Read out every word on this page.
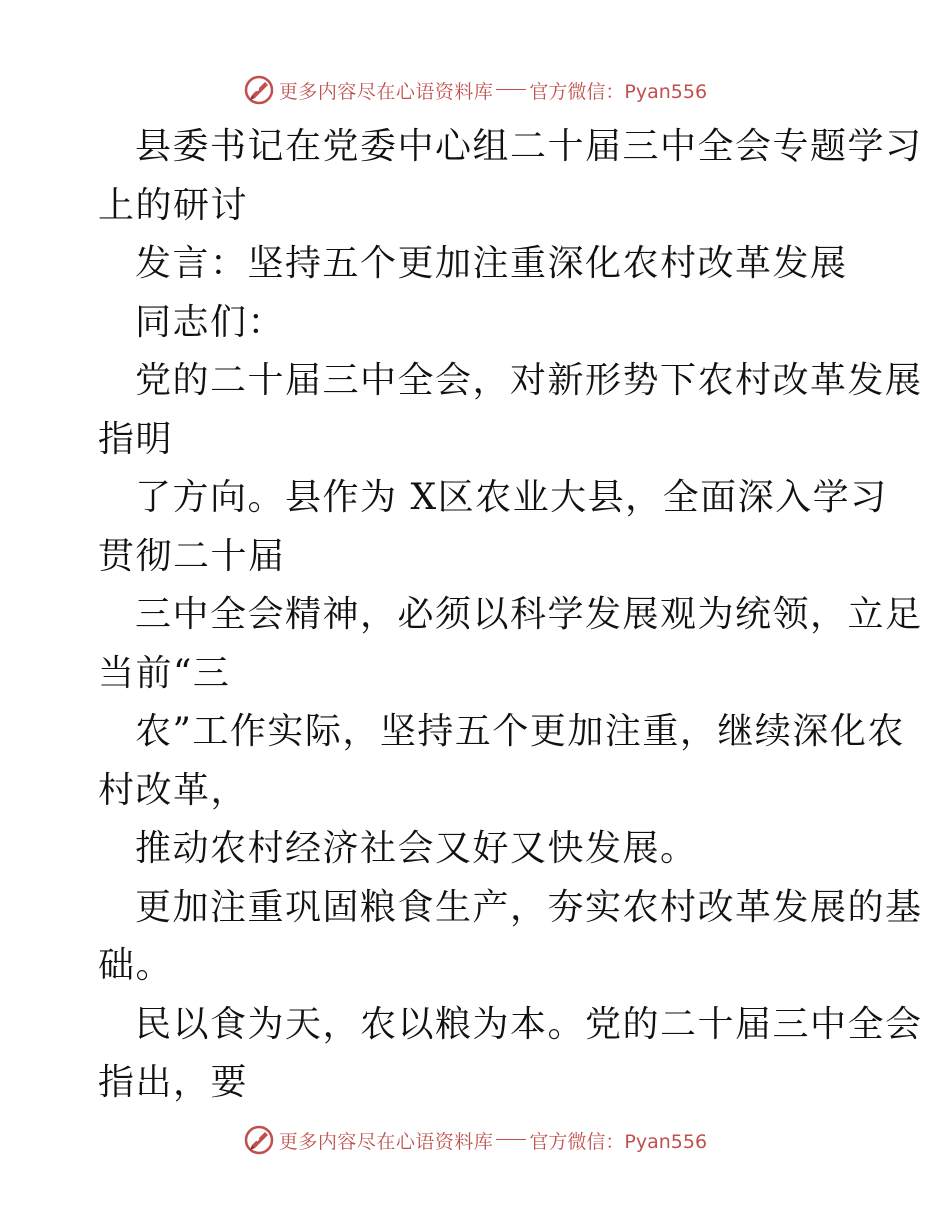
更多内容尽在心语资料库 官方微信：Pyan556
县委书记在党委中心组二十届三中全会专题学习
上的研讨
发言：坚持五个更加注重深化农村改革发展
同志们：
党的二十届三中全会，对新形势下农村改革发展
指明
了方向。县作为 X区农业大县，全面深入学习
贯彻二十届
三中全会精神，必须以科学发展观为统领，立足
当前“三
农”工作实际，坚持五个更加注重，继续深化农
村改革，
推动农村经济社会又好又快发展。
更加注重巩固粮食生产，夯实农村改革发展的基
础。
民以食为天，农以粮为本。党的二十届三中全会
指出，要
更多内容尽在心语资料库 官方微信：Pyan556
